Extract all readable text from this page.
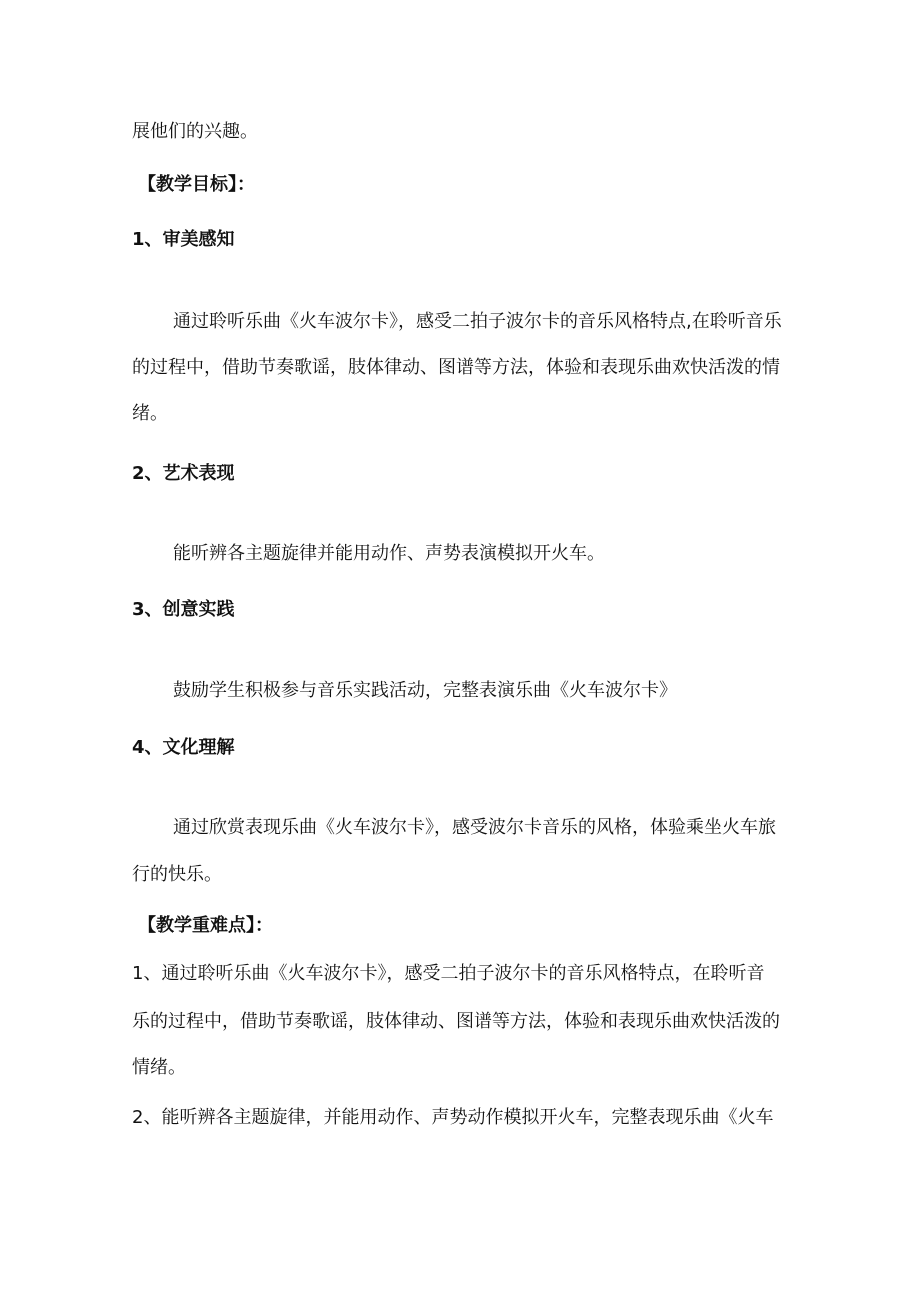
展他们的兴趣。
【教学目标】：
1、审美感知
通过聆听乐曲《火车波尔卡》，感受二拍子波尔卡的音乐风格特点,在聆听音乐
的过程中，借助节奏歌谣，肢体律动、图谱等方法，体验和表现乐曲欢快活泼的情
绪。
2、艺术表现
能听辨各主题旋律并能用动作、声势表演模拟开火车。
3、创意实践
鼓励学生积极参与音乐实践活动，完整表演乐曲《火车波尔卡》
4、文化理解
通过欣赏表现乐曲《火车波尔卡》，感受波尔卡音乐的风格，体验乘坐火车旅
行的快乐。
【教学重难点】：
1、通过聆听乐曲《火车波尔卡》，感受二拍子波尔卡的音乐风格特点，在聆听音
乐的过程中，借助节奏歌谣，肢体律动、图谱等方法，体验和表现乐曲欢快活泼的
情绪。
2、能听辨各主题旋律，并能用动作、声势动作模拟开火车，完整表现乐曲《火车
